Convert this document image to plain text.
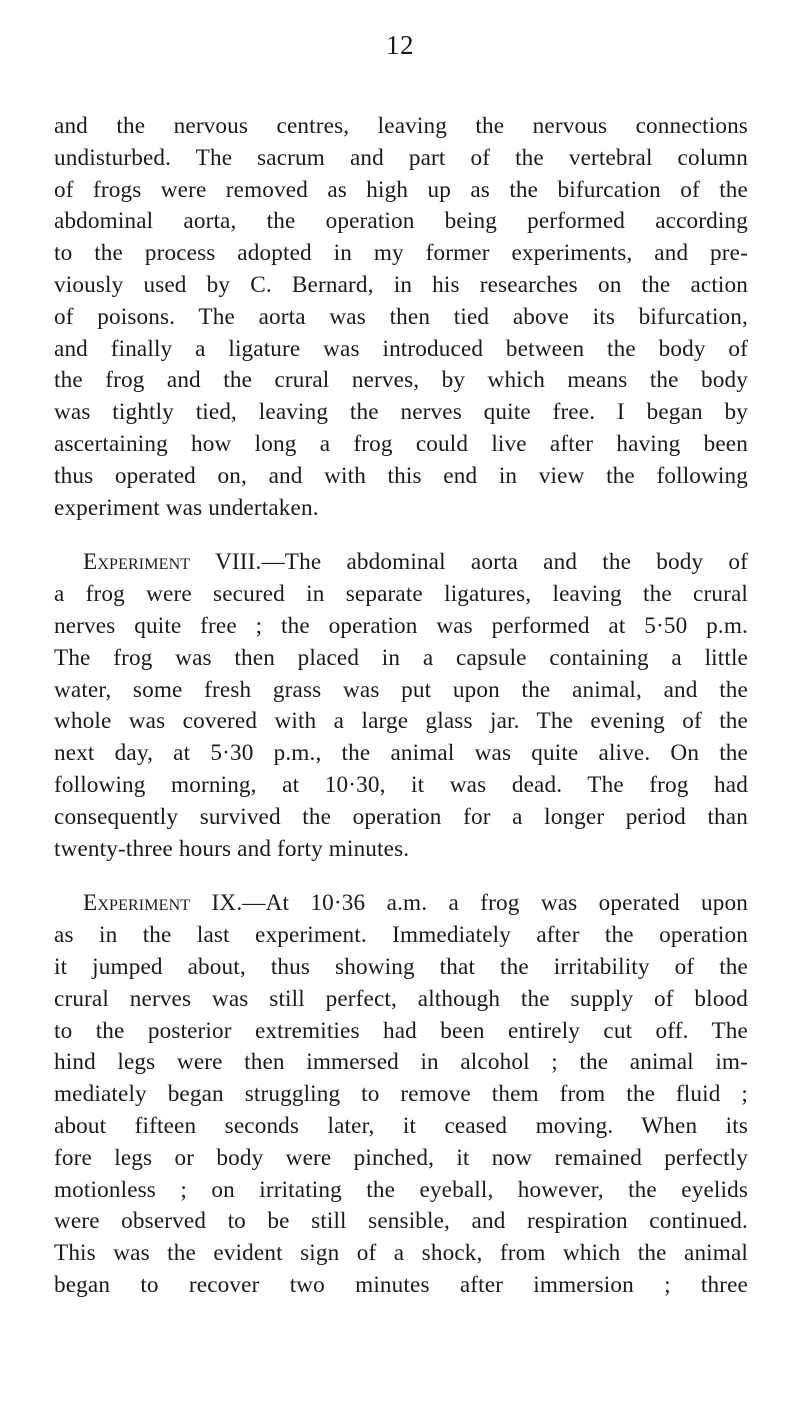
12
and the nervous centres, leaving the nervous connections
undisturbed. The sacrum and part of the vertebral column
of frogs were removed as high up as the bifurcation of the
abdominal aorta, the operation being performed according
to the process adopted in my former experiments, and pre-
viously used by C. Bernard, in his researches on the action
of poisons. The aorta was then tied above its bifurcation,
and finally a ligature was introduced between the body of
the frog and the crural nerves, by which means the body
was tightly tied, leaving the nerves quite free. I began by
ascertaining how long a frog could live after having been
thus operated on, and with this end in view the following
experiment was undertaken.
Experiment VIII.—The abdominal aorta and the body of
a frog were secured in separate ligatures, leaving the crural
nerves quite free ; the operation was performed at 5·50 p.m.
The frog was then placed in a capsule containing a little
water, some fresh grass was put upon the animal, and the
whole was covered with a large glass jar. The evening of the
next day, at 5·30 p.m., the animal was quite alive. On the
following morning, at 10·30, it was dead. The frog had
consequently survived the operation for a longer period than
twenty-three hours and forty minutes.
Experiment IX.—At 10·36 a.m. a frog was operated upon
as in the last experiment. Immediately after the operation
it jumped about, thus showing that the irritability of the
crural nerves was still perfect, although the supply of blood
to the posterior extremities had been entirely cut off. The
hind legs were then immersed in alcohol ; the animal im-
mediately began struggling to remove them from the fluid ;
about fifteen seconds later, it ceased moving. When its
fore legs or body were pinched, it now remained perfectly
motionless ; on irritating the eyeball, however, the eyelids
were observed to be still sensible, and respiration continued.
This was the evident sign of a shock, from which the animal
began to recover two minutes after immersion ; three
